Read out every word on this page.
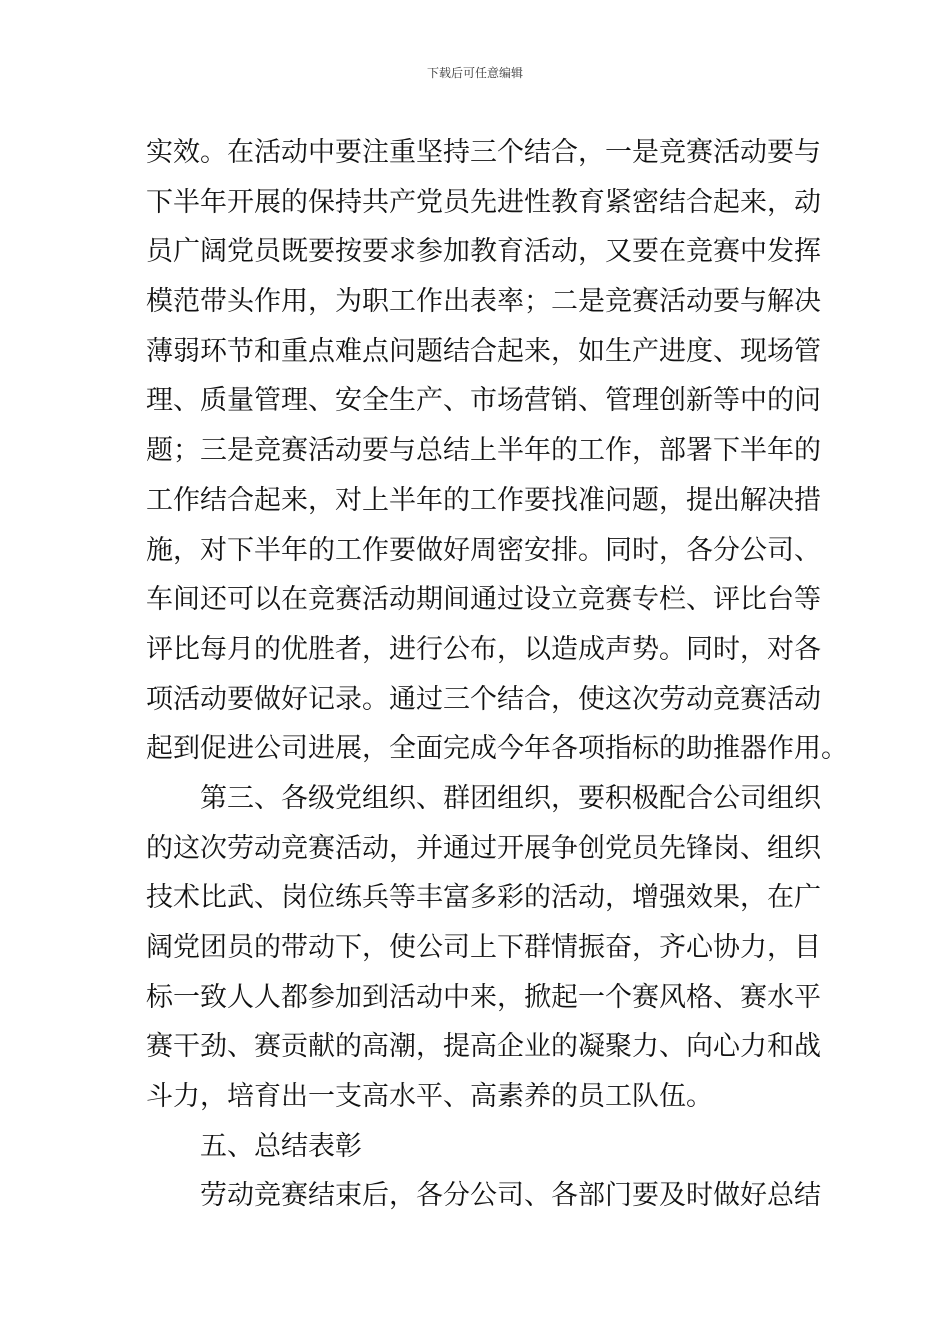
下载后可任意编辑
实效。在活动中要注重坚持三个结合，一是竞赛活动要与
下半年开展的保持共产党员先进性教育紧密结合起来，动
员广阔党员既要按要求参加教育活动，又要在竞赛中发挥
模范带头作用，为职工作出表率；二是竞赛活动要与解决
薄弱环节和重点难点问题结合起来，如生产进度、现场管
理、质量管理、安全生产、市场营销、管理创新等中的问
题；三是竞赛活动要与总结上半年的工作，部署下半年的
工作结合起来，对上半年的工作要找准问题，提出解决措
施，对下半年的工作要做好周密安排。同时，各分公司、
车间还可以在竞赛活动期间通过设立竞赛专栏、评比台等
评比每月的优胜者，进行公布，以造成声势。同时，对各
项活动要做好记录。通过三个结合，使这次劳动竞赛活动
起到促进公司进展，全面完成今年各项指标的助推器作用。
第三、各级党组织、群团组织，要积极配合公司组织
的这次劳动竞赛活动，并通过开展争创党员先锋岗、组织
技术比武、岗位练兵等丰富多彩的活动，增强效果，在广
阔党团员的带动下，使公司上下群情振奋，齐心协力，目
标一致人人都参加到活动中来，掀起一个赛风格、赛水平
赛干劲、赛贡献的高潮，提高企业的凝聚力、向心力和战
斗力，培育出一支高水平、高素养的员工队伍。
五、总结表彰
劳动竞赛结束后，各分公司、各部门要及时做好总结
